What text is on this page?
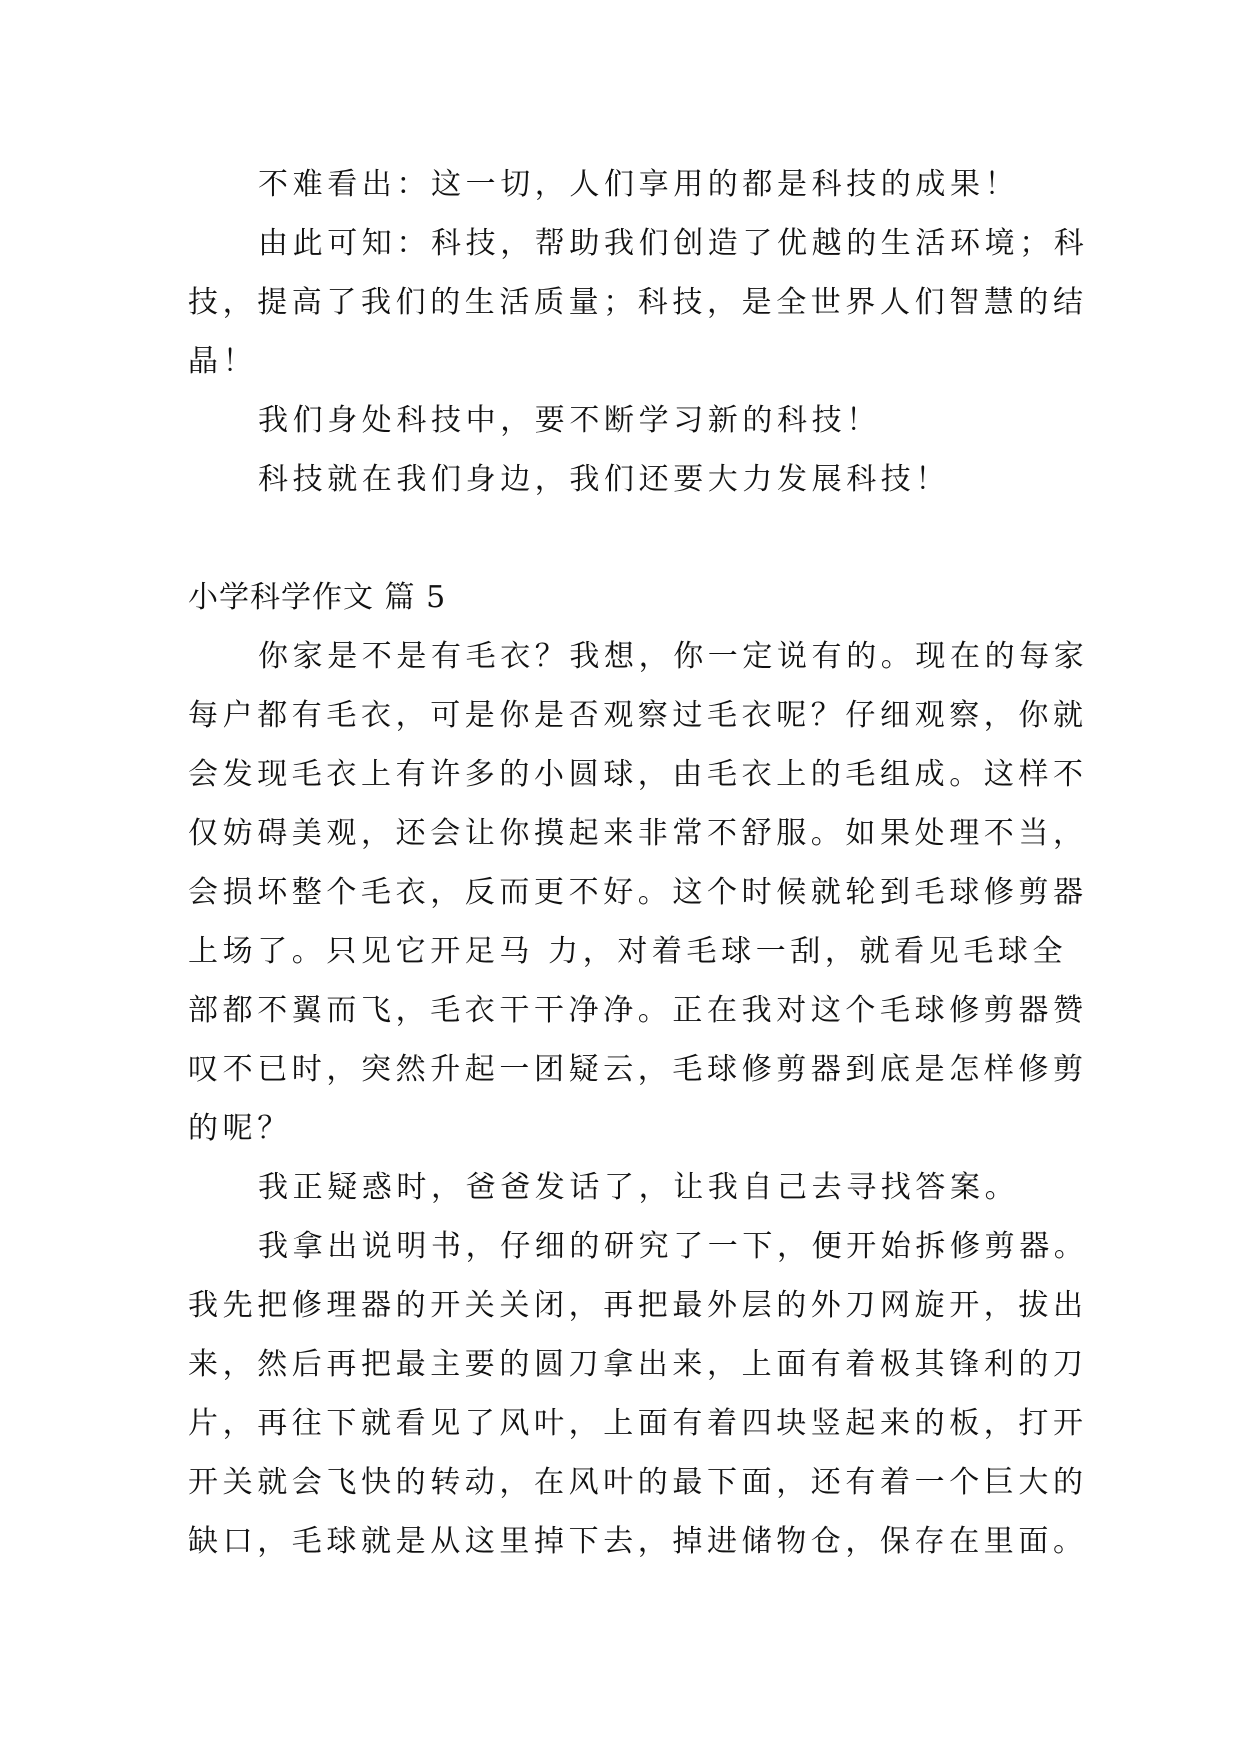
不难看出：这一切，人们享用的都是科技的成果！
由此可知：科技，帮助我们创造了优越的生活环境；科
技，提高了我们的生活质量；科技，是全世界人们智慧的结
晶！
我们身处科技中，要不断学习新的科技！
科技就在我们身边，我们还要大力发展科技！
小学科学作文 篇 5
你家是不是有毛衣？我想，你一定说有的。现在的每家
每户都有毛衣，可是你是否观察过毛衣呢？仔细观察，你就
会发现毛衣上有许多的小圆球，由毛衣上的毛组成。这样不
仅妨碍美观，还会让你摸起来非常不舒服。如果处理不当，
会损坏整个毛衣，反而更不好。这个时候就轮到毛球修剪器
上场了。只见它开足马 力，对着毛球一刮，就看见毛球全
部都不翼而飞，毛衣干干净净。正在我对这个毛球修剪器赞
叹不已时，突然升起一团疑云，毛球修剪器到底是怎样修剪
的呢？
我正疑惑时，爸爸发话了，让我自己去寻找答案。
我拿出说明书，仔细的研究了一下，便开始拆修剪器。
我先把修理器的开关关闭，再把最外层的外刀网旋开，拔出
来，然后再把最主要的圆刀拿出来，上面有着极其锋利的刀
片，再往下就看见了风叶，上面有着四块竖起来的板，打开
开关就会飞快的转动，在风叶的最下面，还有着一个巨大的
缺口，毛球就是从这里掉下去，掉进储物仓，保存在里面。
